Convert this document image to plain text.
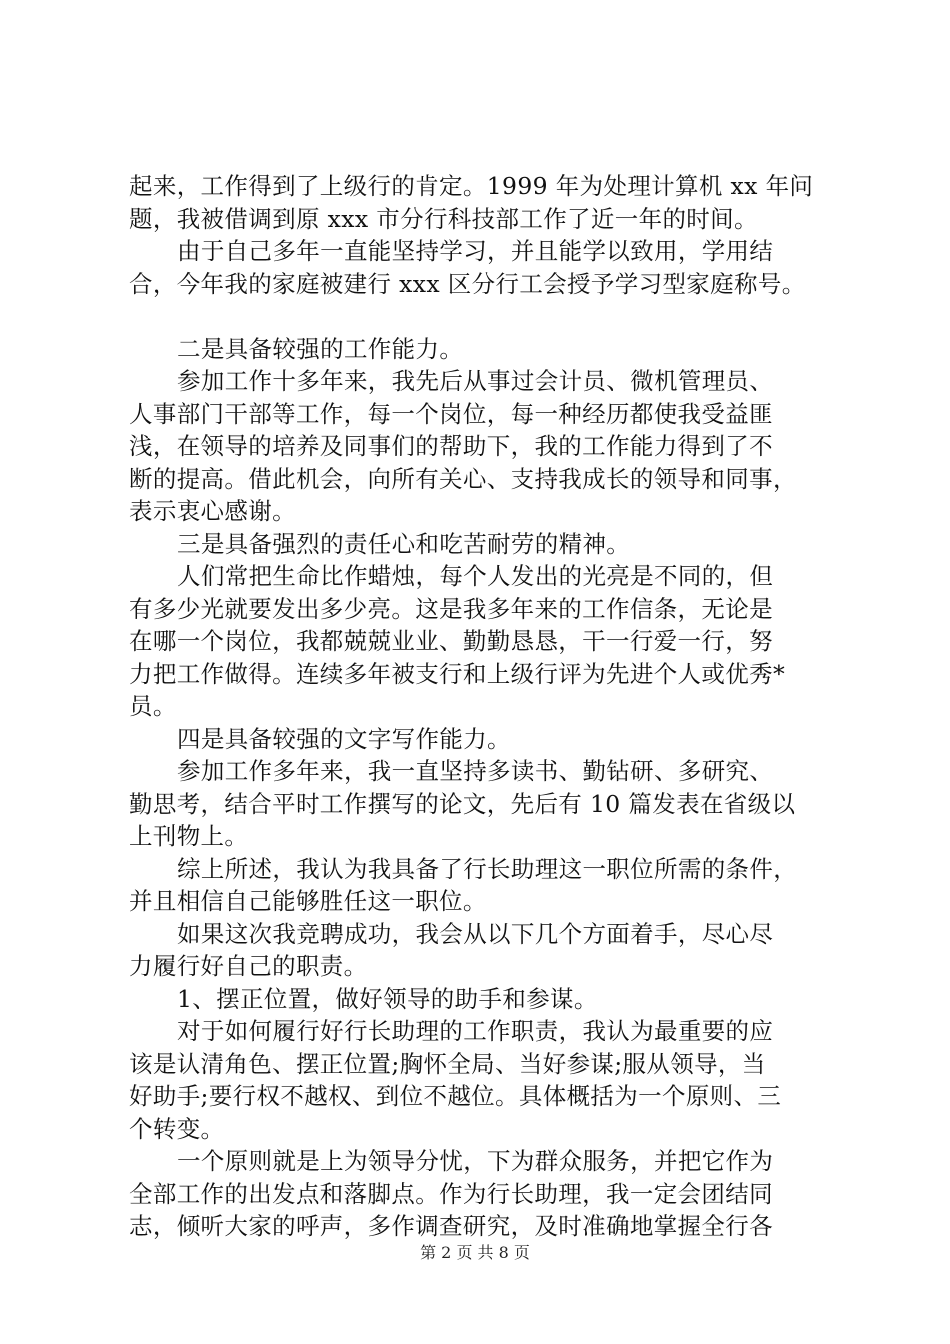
起来，工作得到了上级行的肯定。1999 年为处理计算机 xx 年问
题，我被借调到原 xxx 市分行科技部工作了近一年的时间。
由于自己多年一直能坚持学习，并且能学以致用，学用结
合，今年我的家庭被建行 xxx 区分行工会授予学习型家庭称号。
二是具备较强的工作能力。
参加工作十多年来，我先后从事过会计员、微机管理员、
人事部门干部等工作，每一个岗位，每一种经历都使我受益匪
浅，在领导的培养及同事们的帮助下，我的工作能力得到了不
断的提高。借此机会，向所有关心、支持我成长的领导和同事，
表示衷心感谢。
三是具备强烈的责任心和吃苦耐劳的精神。
人们常把生命比作蜡烛，每个人发出的光亮是不同的，但
有多少光就要发出多少亮。这是我多年来的工作信条，无论是
在哪一个岗位，我都兢兢业业、勤勤恳恳，干一行爱一行，努
力把工作做得。连续多年被支行和上级行评为先进个人或优秀*
员。
四是具备较强的文字写作能力。
参加工作多年来，我一直坚持多读书、勤钻研、多研究、
勤思考，结合平时工作撰写的论文，先后有 10 篇发表在省级以
上刊物上。
综上所述，我认为我具备了行长助理这一职位所需的条件，
并且相信自己能够胜任这一职位。
如果这次我竞聘成功，我会从以下几个方面着手，尽心尽
力履行好自己的职责。
1、摆正位置，做好领导的助手和参谋。
对于如何履行好行长助理的工作职责，我认为最重要的应
该是认清角色、摆正位置;胸怀全局、当好参谋;服从领导，当
好助手;要行权不越权、到位不越位。具体概括为一个原则、三
个转变。
一个原则就是上为领导分忧，下为群众服务，并把它作为
全部工作的出发点和落脚点。作为行长助理，我一定会团结同
志，倾听大家的呼声，多作调查研究，及时准确地掌握全行各
第 2 页 共 8 页
